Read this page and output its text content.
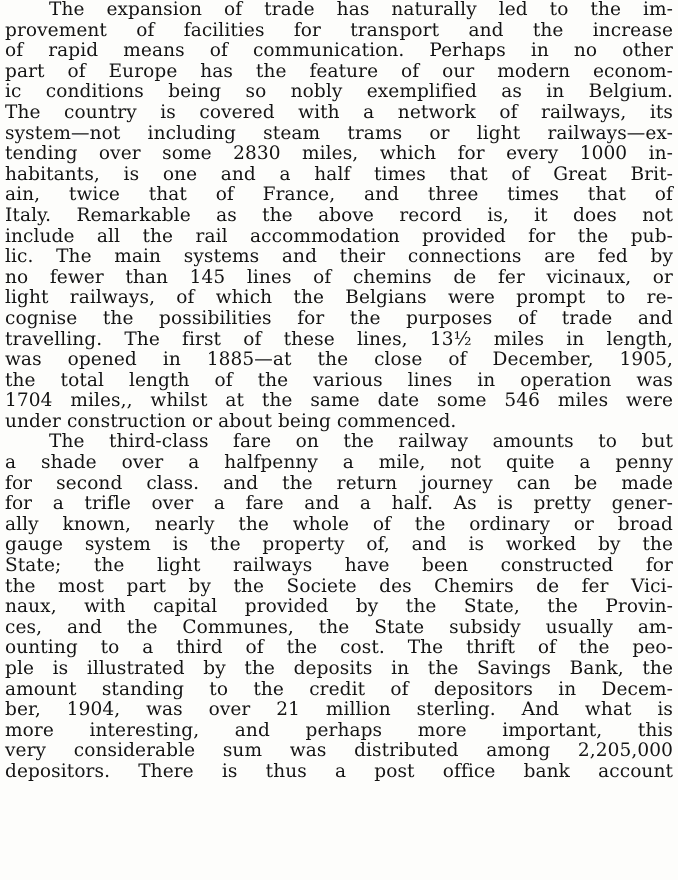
The expansion of trade has naturally led to the im-
provement of facilities for transport and the increase
of rapid means of communication. Perhaps in no other
part of Europe has the feature of our modern econom-
ic conditions being so nobly exemplified as in Belgium.
The country is covered with a network of railways, its
system—not including steam trams or light railways—ex-
tending over some 2830 miles, which for every 1000 in-
habitants, is one and a half times that of Great Brit-
ain, twice that of France, and three times that of
Italy. Remarkable as the above record is, it does not
include all the rail accommodation provided for the pub-
lic. The main systems and their connections are fed by
no fewer than 145 lines of chemins de fer vicinaux, or
light railways, of which the Belgians were prompt to re-
cognise the possibilities for the purposes of trade and
travelling. The first of these lines, 13½ miles in length,
was opened in 1885—at the close of December, 1905,
the total length of the various lines in operation was
1704 miles,, whilst at the same date some 546 miles were
under construction or about being commenced.
The third-class fare on the railway amounts to but
a shade over a halfpenny a mile, not quite a penny
for second class. and the return journey can be made
for a trifle over a fare and a half. As is pretty gener-
ally known, nearly the whole of the ordinary or broad
gauge system is the property of, and is worked by the
State; the light railways have been constructed for
the most part by the Societe des Chemirs de fer Vici-
naux, with capital provided by the State, the Provin-
ces, and the Communes, the State subsidy usually am-
ounting to a third of the cost. The thrift of the peo-
ple is illustrated by the deposits in the Savings Bank, the
amount standing to the credit of depositors in Decem-
ber, 1904, was over 21 million sterling. And what is
more interesting, and perhaps more important, this
very considerable sum was distributed among 2,205,000
depositors. There is thus a post office bank account
